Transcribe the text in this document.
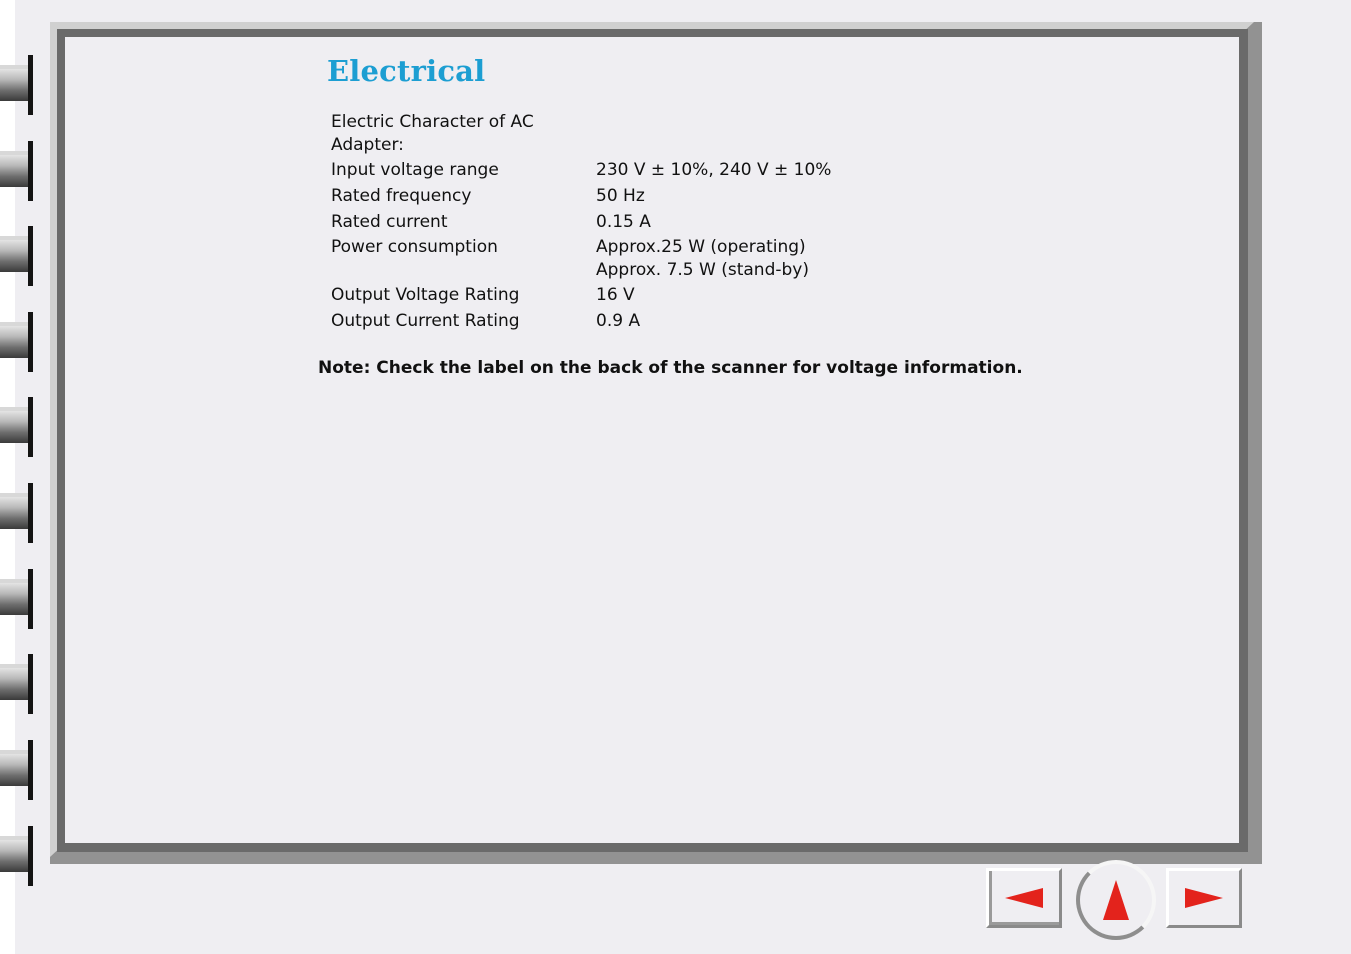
Electrical
Electric Character of AC
Adapter:
Input voltage range	230 V ± 10%, 240 V ± 10%
Rated frequency	50 Hz
Rated current	0.15 A
Power consumption	Approx.25 W (operating)
Approx. 7.5 W (stand-by)
Output Voltage Rating	16 V
Output Current Rating	0.9 A
Note: Check the label on the back of the scanner for voltage information.
